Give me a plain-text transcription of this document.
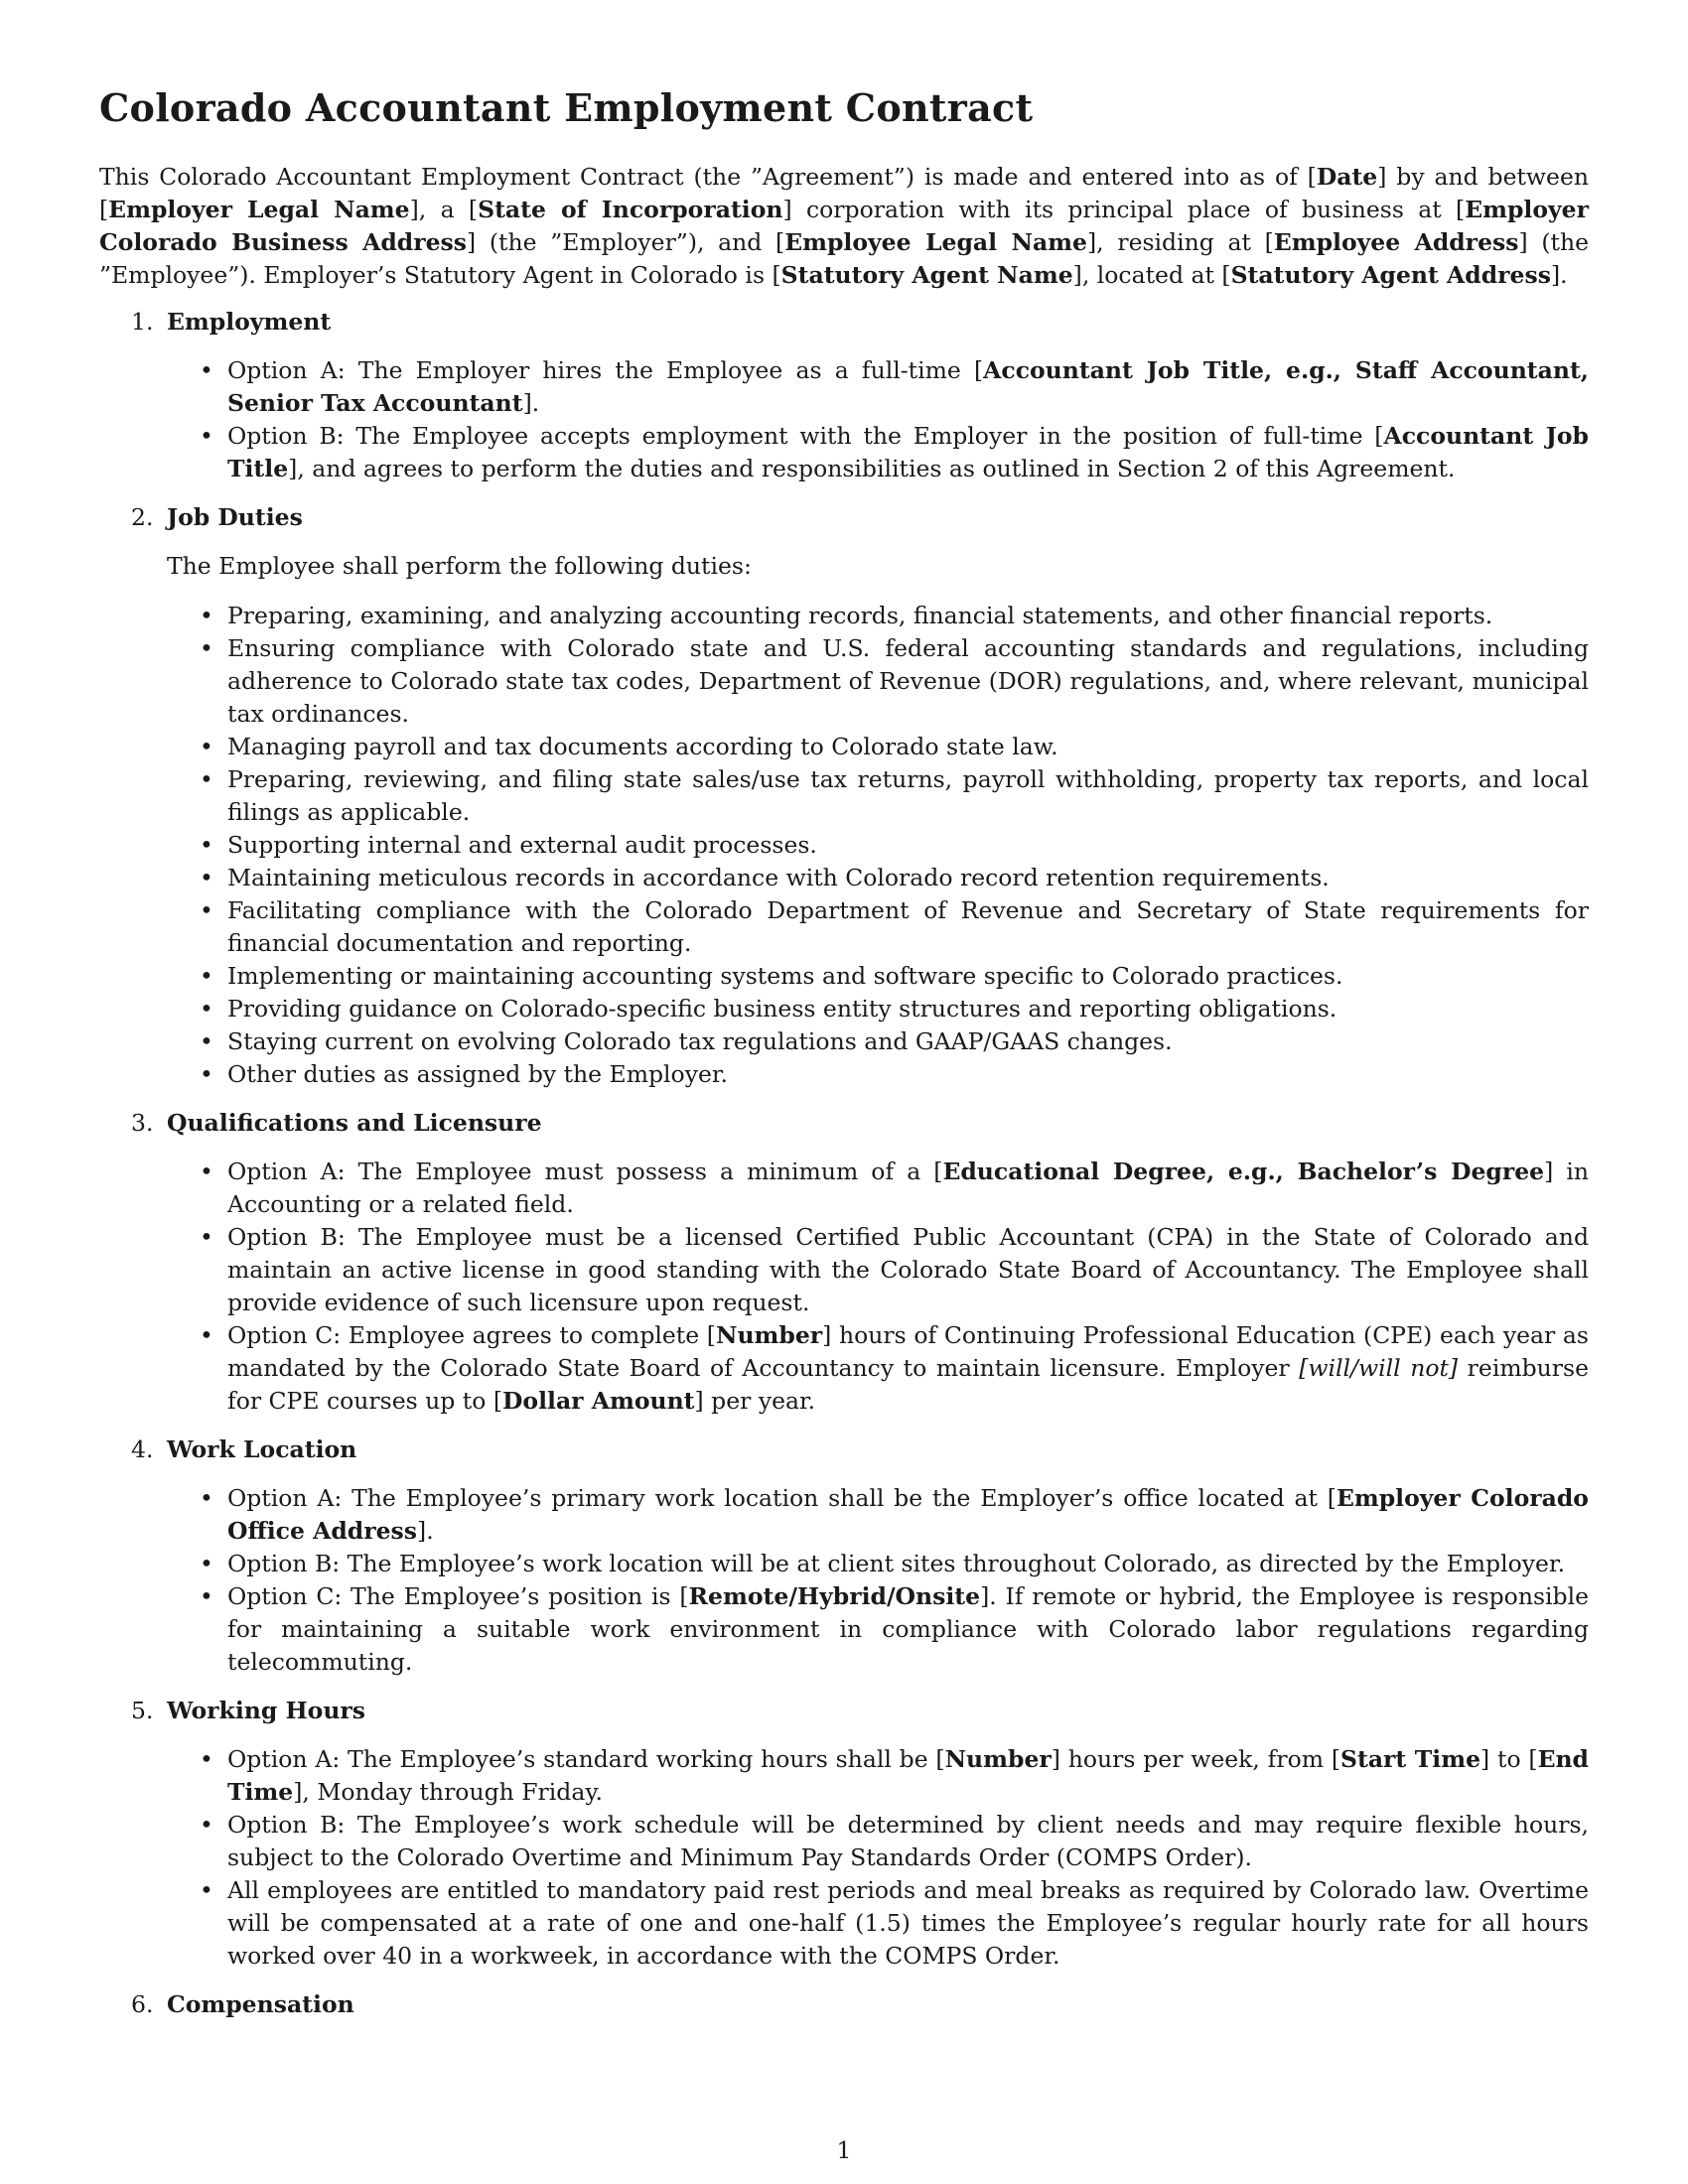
Colorado Accountant Employment Contract

This Colorado Accountant Employment Contract (the ”Agreement”) is made and entered into as of [Date] by and between [Employer Legal Name], a [State of Incorporation] corporation with its principal place of business at [Employer Colorado Business Address] (the ”Employer”), and [Employee Legal Name], residing at [Employee Address] (the ”Employee”). Employer’s Statutory Agent in Colorado is [Statutory Agent Name], located at [Statutory Agent Address].

1. Employment
• Option A: The Employer hires the Employee as a full-time [Accountant Job Title, e.g., Staff Accountant, Senior Tax Accountant].
• Option B: The Employee accepts employment with the Employer in the position of full-time [Accountant Job Title], and agrees to perform the duties and responsibilities as outlined in Section 2 of this Agreement.
2. Job Duties
The Employee shall perform the following duties:
• Preparing, examining, and analyzing accounting records, financial statements, and other financial reports.
• Ensuring compliance with Colorado state and U.S. federal accounting standards and regulations, including adherence to Colorado state tax codes, Department of Revenue (DOR) regulations, and, where relevant, municipal tax ordinances.
• Managing payroll and tax documents according to Colorado state law.
• Preparing, reviewing, and filing state sales/use tax returns, payroll withholding, property tax reports, and local filings as applicable.
• Supporting internal and external audit processes.
• Maintaining meticulous records in accordance with Colorado record retention requirements.
• Facilitating compliance with the Colorado Department of Revenue and Secretary of State requirements for financial documentation and reporting.
• Implementing or maintaining accounting systems and software specific to Colorado practices.
• Providing guidance on Colorado-specific business entity structures and reporting obligations.
• Staying current on evolving Colorado tax regulations and GAAP/GAAS changes.
• Other duties as assigned by the Employer.
3. Qualifications and Licensure
• Option A: The Employee must possess a minimum of a [Educational Degree, e.g., Bachelor’s Degree] in Accounting or a related field.
• Option B: The Employee must be a licensed Certified Public Accountant (CPA) in the State of Colorado and maintain an active license in good standing with the Colorado State Board of Accountancy. The Employee shall provide evidence of such licensure upon request.
• Option C: Employee agrees to complete [Number] hours of Continuing Professional Education (CPE) each year as mandated by the Colorado State Board of Accountancy to maintain licensure. Employer [will/will not] reimburse for CPE courses up to [Dollar Amount] per year.
4. Work Location
• Option A: The Employee’s primary work location shall be the Employer’s office located at [Employer Colorado Office Address].
• Option B: The Employee’s work location will be at client sites throughout Colorado, as directed by the Employer.
• Option C: The Employee’s position is [Remote/Hybrid/Onsite]. If remote or hybrid, the Employee is responsible for maintaining a suitable work environment in compliance with Colorado labor regulations regarding telecommuting.
5. Working Hours
• Option A: The Employee’s standard working hours shall be [Number] hours per week, from [Start Time] to [End Time], Monday through Friday.
• Option B: The Employee’s work schedule will be determined by client needs and may require flexible hours, subject to the Colorado Overtime and Minimum Pay Standards Order (COMPS Order).
• All employees are entitled to mandatory paid rest periods and meal breaks as required by Colorado law. Overtime will be compensated at a rate of one and one-half (1.5) times the Employee’s regular hourly rate for all hours worked over 40 in a workweek, in accordance with the COMPS Order.
6. Compensation
1
